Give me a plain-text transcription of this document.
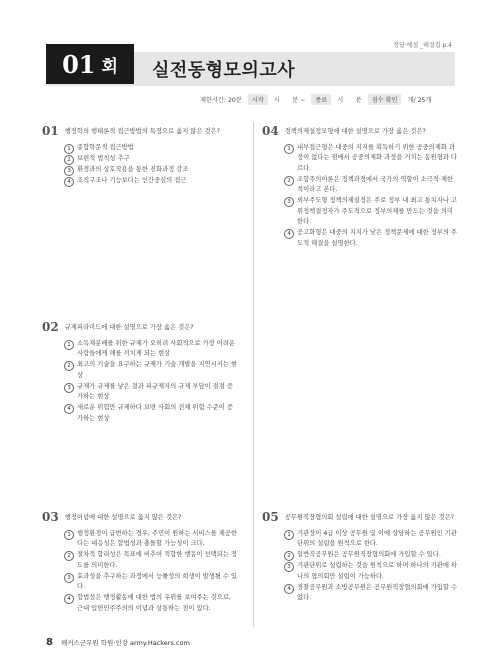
정답·해설 _해설집 p.4
01 회 실전동형모의고사
제한시간: 20분	시작	시　　분 ~	종료	시　　분	점수 확인	개/ 25개
01 행정학의 행태론적 접근방법의 특징으로 옳지 않은 것은?
1 종합학문적 접근방법
2 보편적 법칙성 추구
3 환경과의 상호작용을 통한 진화과정 강조
4 조직구조나 기능보다는 인간중심의 접근
02 규제피라미드에 대한 설명으로 가장 옳은 것은?
1 소득재분배를 위한 규제가 오히려 사회적으로 가장 어려운 사람들에게 해를 끼치게 되는 현상
2 최고의 기술을 요구하는 규제가 기술 개발을 지연시키는 현상
3 규제가 규제를 낳은 결과 피규제자의 규제 부담이 점점 증가하는 현상
4 새로운 위험만 규제하다 보면 사회의 전체 위험 수준이 증가하는 현상
03 행정이념에 대한 설명으로 옳지 않은 것은?
1 행정환경이 급변하는 경우, 주민이 원하는 서비스를 제공한다는 대응성은 합법성과 충돌할 가능성이 크다.
2 절차적 합리성은 목표에 비추어 적합한 행동이 선택되는 정도를 의미한다.
3 효과성을 추구하는 과정에서 능률성의 희생이 발생될 수 있다.
4 합법성은 행정활동에 대한 법의 우위를 보여주는 것으로, 근대 입헌민주주의의 이념과 상통하는 점이 있다.
04 정책의제설정모형에 대한 설명으로 가장 옳은 것은?
1 내부접근형은 대중의 지지를 획득하기 위한 공중의제화 과정이 없다는 점에서 공중의제화 과정을 거치는 동원형과 다르다.
2 조합주의이론은 정책과정에서 국가의 역할이 소극적·제한적이라고 본다.
3 외부주도형 정책의제설정은 주로 정부 내 최고 통치자나 고위정책결정자가 주도적으로 정부의제를 만드는 것을 의미한다.
4 공고화형은 대중의 지지가 낮은 정책문제에 대한 정부의 주도적 해결을 설명한다.
05 공무원직장협의회 설립에 대한 설명으로 가장 옳지 않은 것은?
1 기관장이 4급 이상 공무원 및 이에 상당하는 공무원인 기관단위의 설립을 원칙으로 한다.
2 일반직공무원은 공무원직장협의회에 가입할 수 있다.
3 기관단위로 설립하는 것을 원칙으로 하며 하나의 기관에 하나의 협의회만 설립이 가능하다.
4 경찰공무원과 소방공무원은 공무원직장협의회에 가입할 수 없다.
8 해커스군무원 학원·인강 army.Hackers.com
